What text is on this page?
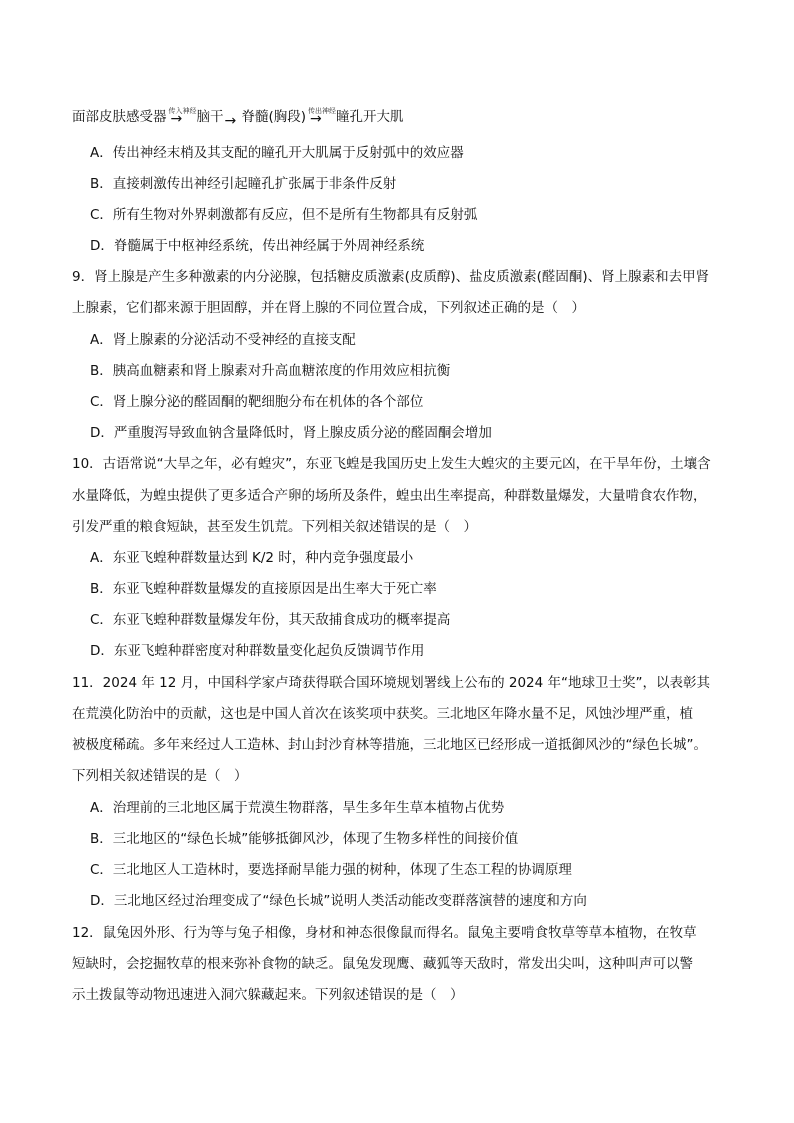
面部皮肤感受器 传入神经
→ 脑干 → 脊髓(胸段) 传出神经
→ 瞳孔开大肌
A．传出神经末梢及其支配的瞳孔开大肌属于反射弧中的效应器
B．直接刺激传出神经引起瞳孔扩张属于非条件反射
C．所有生物对外界刺激都有反应，但不是所有生物都具有反射弧
D．脊髓属于中枢神经系统，传出神经属于外周神经系统
9．肾上腺是产生多种激素的内分泌腺，包括糖皮质激素(皮质醇)、盐皮质激素(醛固酮)、肾上腺素和去甲肾
上腺素，它们都来源于胆固醇，并在肾上腺的不同位置合成，下列叙述正确的是（　）
A．肾上腺素的分泌活动不受神经的直接支配
B．胰高血糖素和肾上腺素对升高血糖浓度的作用效应相抗衡
C．肾上腺分泌的醛固酮的靶细胞分布在机体的各个部位
D．严重腹泻导致血钠含量降低时，肾上腺皮质分泌的醛固酮会增加
10．古语常说“大旱之年，必有蝗灾”，东亚飞蝗是我国历史上发生大蝗灾的主要元凶，在干旱年份，土壤含
水量降低，为蝗虫提供了更多适合产卵的场所及条件，蝗虫出生率提高，种群数量爆发，大量啃食农作物，
引发严重的粮食短缺，甚至发生饥荒。下列相关叙述错误的是（　）
A．东亚飞蝗种群数量达到 K/2 时，种内竞争强度最小
B．东亚飞蝗种群数量爆发的直接原因是出生率大于死亡率
C．东亚飞蝗种群数量爆发年份，其天敌捕食成功的概率提高
D．东亚飞蝗种群密度对种群数量变化起负反馈调节作用
11．2024 年 12 月，中国科学家卢琦获得联合国环境规划署线上公布的 2024 年“地球卫士奖”，以表彰其
在荒漠化防治中的贡献，这也是中国人首次在该奖项中获奖。三北地区年降水量不足，风蚀沙埋严重，植
被极度稀疏。多年来经过人工造林、封山封沙育林等措施，三北地区已经形成一道抵御风沙的“绿色长城”。
下列相关叙述错误的是（　）
A．治理前的三北地区属于荒漠生物群落，旱生多年生草本植物占优势
B．三北地区的“绿色长城”能够抵御风沙，体现了生物多样性的间接价值
C．三北地区人工造林时，要选择耐旱能力强的树种，体现了生态工程的协调原理
D．三北地区经过治理变成了“绿色长城”说明人类活动能改变群落演替的速度和方向
12．鼠兔因外形、行为等与兔子相像，身材和神态很像鼠而得名。鼠兔主要啃食牧草等草本植物，在牧草
短缺时，会挖掘牧草的根来弥补食物的缺乏。鼠兔发现鹰、藏狐等天敌时，常发出尖叫，这种叫声可以警
示土拨鼠等动物迅速进入洞穴躲藏起来。下列叙述错误的是（　）
